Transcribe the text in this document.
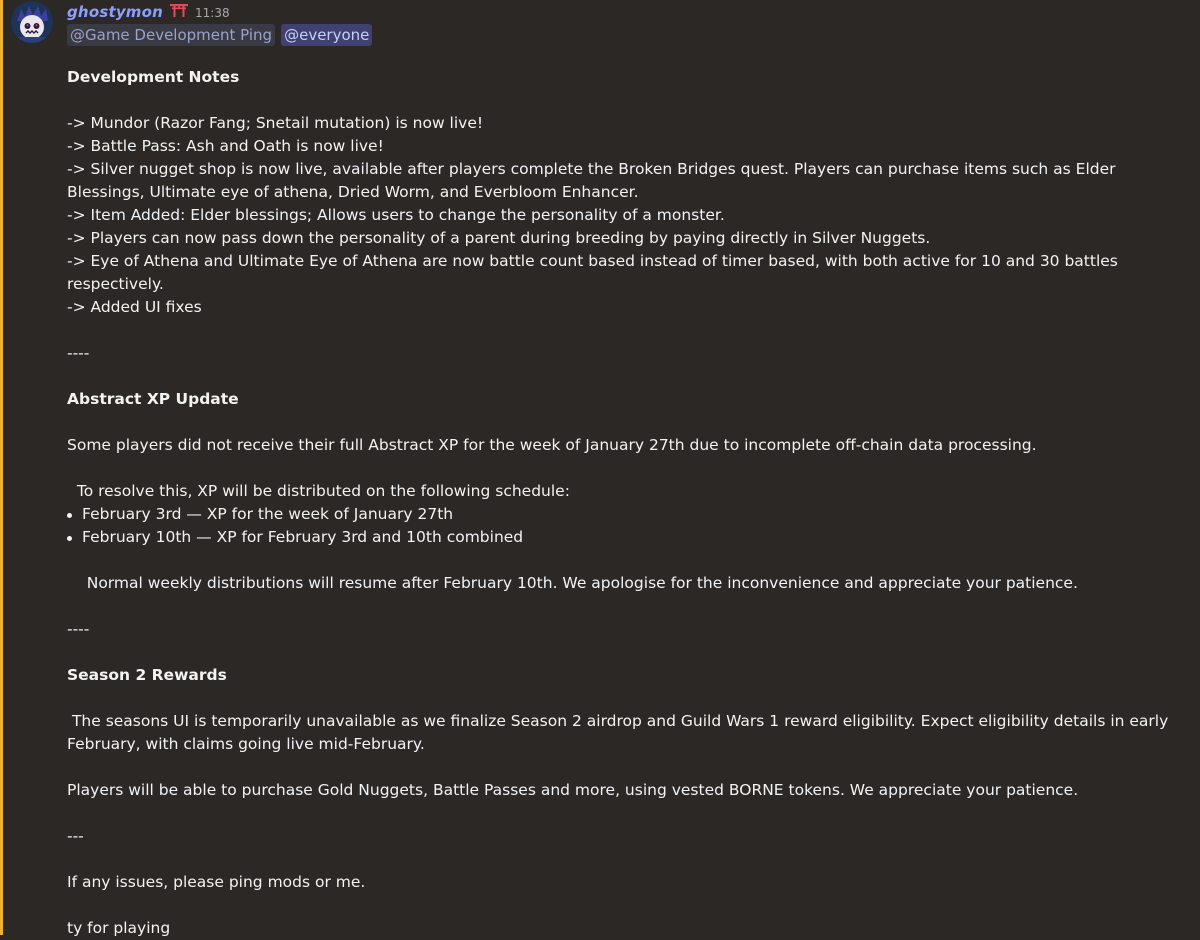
ghostymon	11:38
@Game Development Ping @everyone

Development Notes

-> Mundor (Razor Fang; Snetail mutation) is now live!

-> Battle Pass: Ash and Oath is now live!

-> Silver nugget shop is now live, available after players complete the Broken Bridges quest. Players can purchase items such as Elder Blessings, Ultimate eye of athena, Dried Worm, and Everbloom Enhancer.

-> Item Added: Elder blessings; Allows users to change the personality of a monster.

-> Players can now pass down the personality of a parent during breeding by paying directly in Silver Nuggets.

-> Eye of Athena and Ultimate Eye of Athena are now battle count based instead of timer based, with both active for 10 and 30 battles respectively.

-> Added UI fixes

----

Abstract XP Update

Some players did not receive their full Abstract XP for the week of January 27th due to incomplete off-chain data processing.

To resolve this, XP will be distributed on the following schedule:

February 3rd — XP for the week of January 27th
February 10th — XP for February 3rd and 10th combined

Normal weekly distributions will resume after February 10th. We apologise for the inconvenience and appreciate your patience.

----

Season 2 Rewards

The seasons UI is temporarily unavailable as we finalize Season 2 airdrop and Guild Wars 1 reward eligibility. Expect eligibility details in early February, with claims going live mid-February.

Players will be able to purchase Gold Nuggets, Battle Passes and more, using vested BORNE tokens. We appreciate your patience.

---

If any issues, please ping mods or me.

ty for playing
